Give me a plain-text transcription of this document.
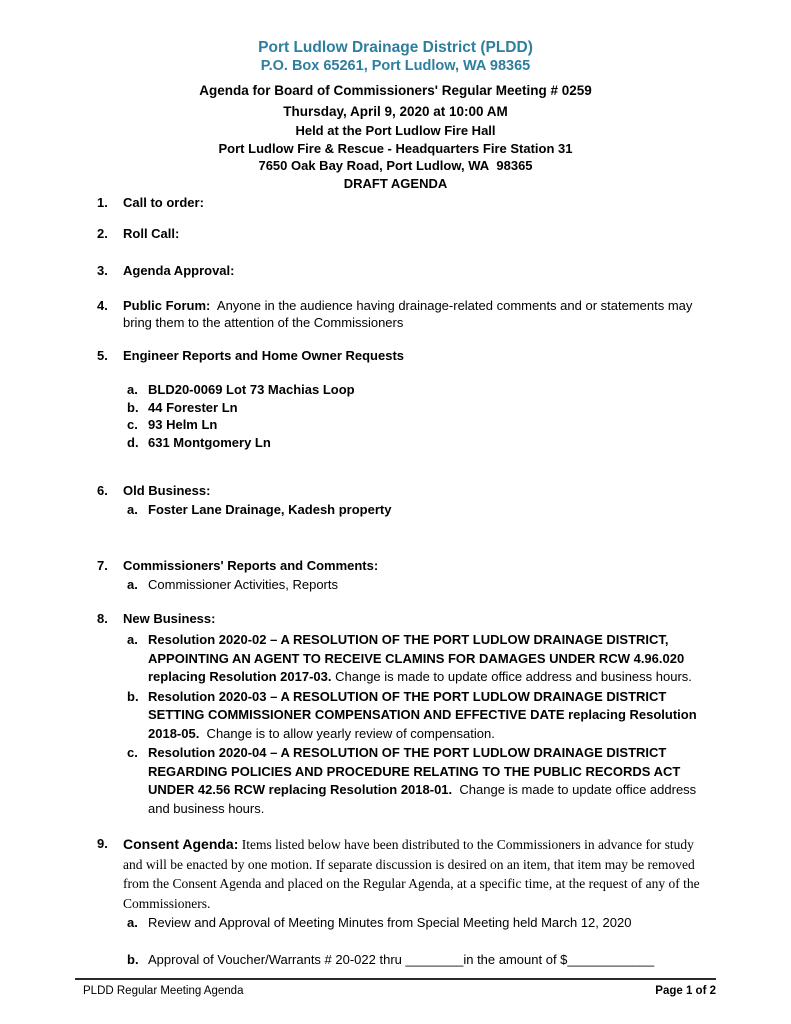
Port Ludlow Drainage District (PLDD)
P.O. Box 65261, Port Ludlow, WA 98365
Agenda for Board of Commissioners' Regular Meeting # 0259
Thursday, April 9, 2020 at 10:00 AM
Held at the Port Ludlow Fire Hall
Port Ludlow Fire & Rescue - Headquarters Fire Station 31
7650 Oak Bay Road, Port Ludlow, WA  98365
DRAFT AGENDA
1.	Call to order:
2.	Roll Call:
3.	Agenda Approval:
4.	Public Forum:  Anyone in the audience having drainage-related comments and or statements may bring them to the attention of the Commissioners
5.	Engineer Reports and Home Owner Requests
a. BLD20-0069 Lot 73 Machias Loop
b. 44 Forester Ln
c. 93 Helm Ln
d. 631 Montgomery Ln
6.	Old Business:
a. Foster Lane Drainage, Kadesh property
7.	Commissioners' Reports and Comments:
a. Commissioner Activities, Reports
8.	New Business:
a. Resolution 2020-02 – A RESOLUTION OF THE PORT LUDLOW DRAINAGE DISTRICT, APPOINTING AN AGENT TO RECEIVE CLAMINS FOR DAMAGES UNDER RCW 4.96.020 replacing Resolution 2017-03. Change is made to update office address and business hours.
b. Resolution 2020-03 – A RESOLUTION OF THE PORT LUDLOW DRAINAGE DISTRICT SETTING COMMISSIONER COMPENSATION AND EFFECTIVE DATE replacing Resolution 2018-05.  Change is to allow yearly review of compensation.
c. Resolution 2020-04 – A RESOLUTION OF THE PORT LUDLOW DRAINAGE DISTRICT REGARDING POLICIES AND PROCEDURE RELATING TO THE PUBLIC RECORDS ACT UNDER 42.56 RCW replacing Resolution 2018-01.  Change is made to update office address and business hours.
9.	Consent Agenda: Items listed below have been distributed to the Commissioners in advance for study and will be enacted by one motion. If separate discussion is desired on an item, that item may be removed from the Consent Agenda and placed on the Regular Agenda, at a specific time, at the request of any of the Commissioners.
a. Review and Approval of Meeting Minutes from Special Meeting held March 12, 2020
b. Approval of Voucher/Warrants # 20-022 thru ________in the amount of $____________
PLDD Regular Meeting Agenda	Page 1 of 2
